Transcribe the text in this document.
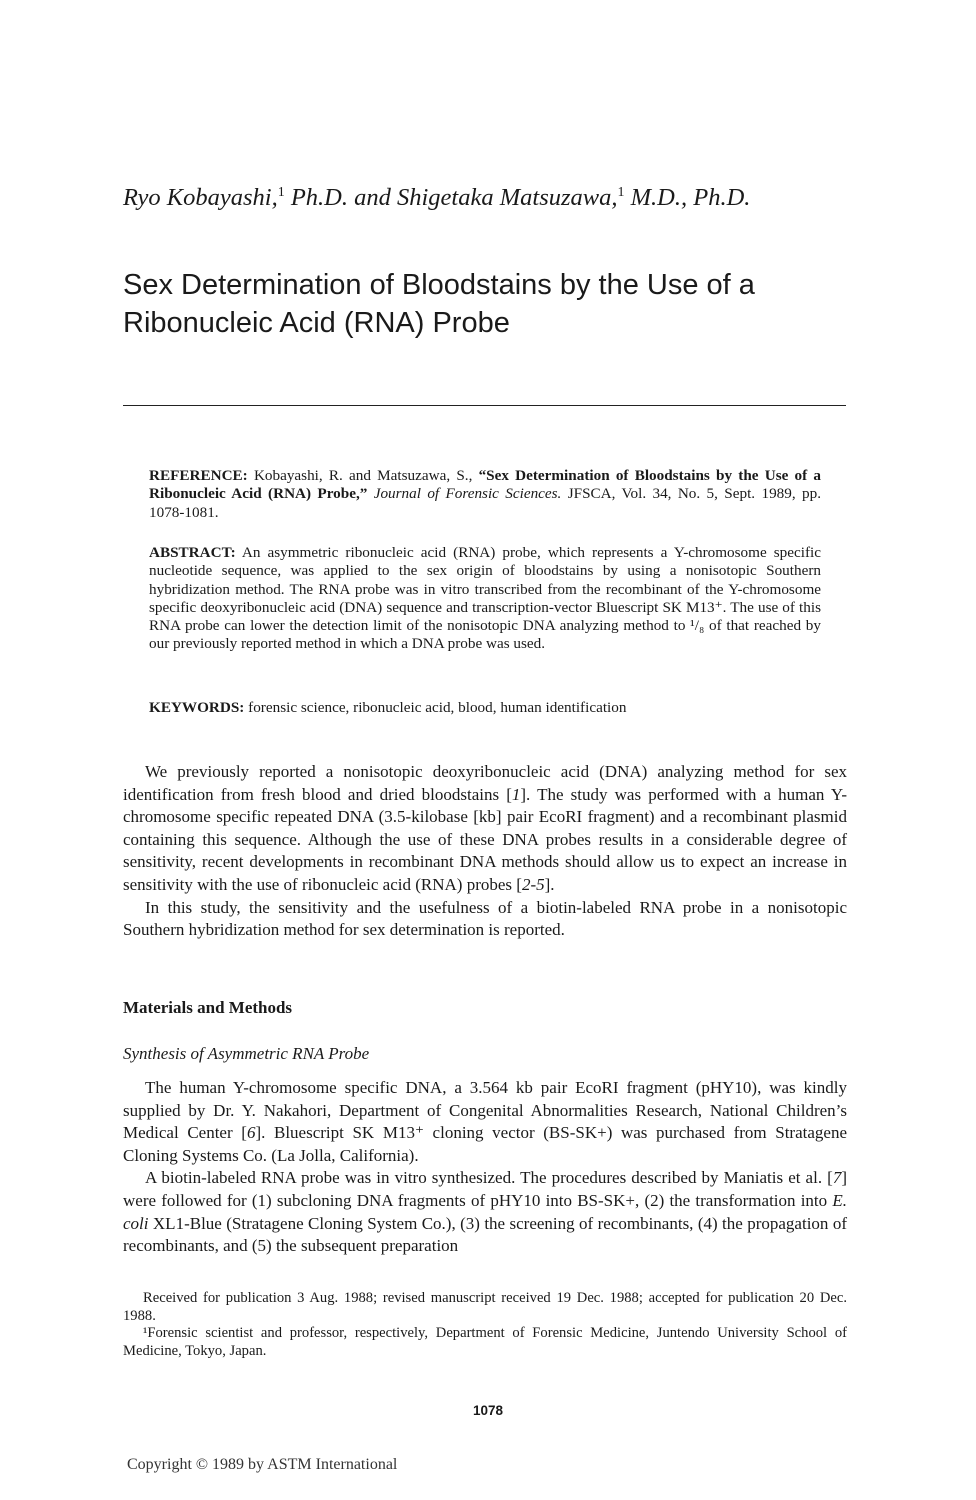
Ryo Kobayashi,$^1$ Ph.D. and Shigetaka Matsuzawa,$^1$ M.D., Ph.D.
Sex Determination of Bloodstains by the Use of a
Ribonucleic Acid (RNA) Probe
REFERENCE: Kobayashi, R. and Matsuzawa, S., “Sex Determination of Bloodstains by the Use of a Ribonucleic Acid (RNA) Probe,” Journal of Forensic Sciences. JFSCA, Vol. 34, No. 5, Sept. 1989, pp. 1078-1081.
ABSTRACT: An asymmetric ribonucleic acid (RNA) probe, which represents a Y-chromosome specific nucleotide sequence, was applied to the sex origin of bloodstains by using a nonisotopic Southern hybridization method. The RNA probe was in vitro transcribed from the recombinant of the Y-chromosome specific deoxyribonucleic acid (DNA) sequence and transcription-vector Bluescript SK M13⁺. The use of this RNA probe can lower the detection limit of the nonisotopic DNA analyzing method to ¹/₈ of that reached by our previously reported method in which a DNA probe was used.
KEYWORDS: forensic science, ribonucleic acid, blood, human identification

We previously reported a nonisotopic deoxyribonucleic acid (DNA) analyzing method for sex identification from fresh blood and dried bloodstains [1]. The study was performed with a human Y-chromosome specific repeated DNA (3.5-kilobase [kb] pair EcoRI fragment) and a recombinant plasmid containing this sequence. Although the use of these DNA probes results in a considerable degree of sensitivity, recent developments in recombinant DNA methods should allow us to expect an increase in sensitivity with the use of ribonucleic acid (RNA) probes [2-5].

In this study, the sensitivity and the usefulness of a biotin-labeled RNA probe in a nonisotopic Southern hybridization method for sex determination is reported.

Materials and Methods
Synthesis of Asymmetric RNA Probe

The human Y-chromosome specific DNA, a 3.564 kb pair EcoRI fragment (pHY10), was kindly supplied by Dr. Y. Nakahori, Department of Congenital Abnormalities Research, National Children’s Medical Center [6]. Bluescript SK M13⁺ cloning vector (BS-SK+) was purchased from Stratagene Cloning Systems Co. (La Jolla, California).

A biotin-labeled RNA probe was in vitro synthesized. The procedures described by Maniatis et al. [7] were followed for (1) subcloning DNA fragments of pHY10 into BS-SK+, (2) the transformation into E. coli XL1-Blue (Stratagene Cloning System Co.), (3) the screening of recombinants, (4) the propagation of recombinants, and (5) the subsequent preparation

Received for publication 3 Aug. 1988; revised manuscript received 19 Dec. 1988; accepted for publication 20 Dec. 1988.

¹Forensic scientist and professor, respectively, Department of Forensic Medicine, Juntendo University School of Medicine, Tokyo, Japan.

1078
Copyright © 1989 by ASTM International
